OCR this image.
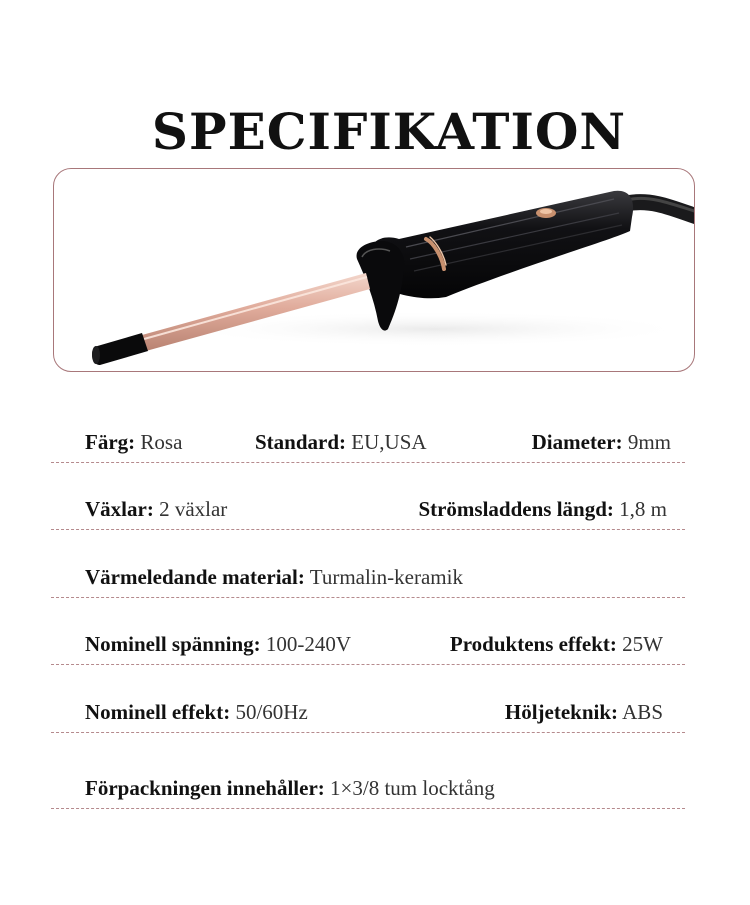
SPECIFIKATION
Färg: Rosa	Standard: EU,USA	Diameter: 9mm
Växlar: 2 växlar	Strömsladdens längd: 1,8 m
Värmeledande material: Turmalin-keramik
Nominell spänning: 100-240V	Produktens effekt: 25W
Nominell effekt: 50/60Hz	Höljeteknik: ABS
Förpackningen innehåller: 1×3/8 tum locktång
